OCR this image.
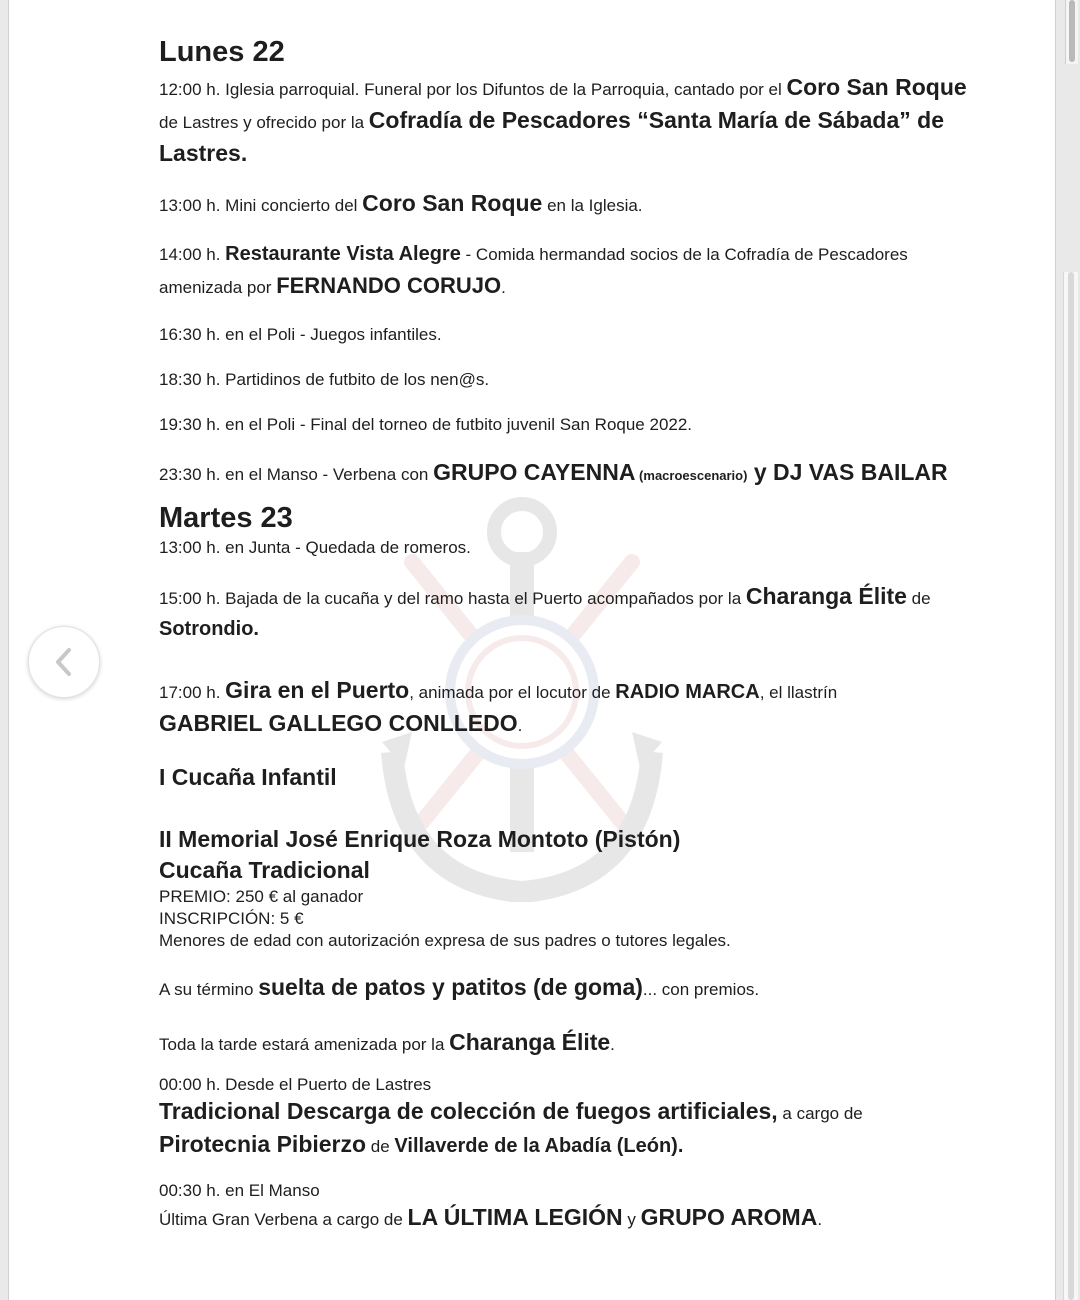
Lunes 22

12:00 h. Iglesia parroquial. Funeral por los Difuntos de la Parroquia, cantado por el Coro San Roque de Lastres y ofrecido por la Cofradía de Pescadores “Santa María de Sábada” de Lastres.

13:00 h. Mini concierto del Coro San Roque en la Iglesia.

14:00 h. Restaurante Vista Alegre - Comida hermandad socios de la Cofradía de Pescadores amenizada por FERNANDO CORUJO.

16:30 h. en el Poli - Juegos infantiles.

18:30 h. Partidinos de futbito de los nen@s.

19:30 h. en el Poli - Final del torneo de futbito juvenil San Roque 2022.

23:30 h. en el Manso - Verbena con GRUPO CAYENNA (macroescenario) y DJ VAS BAILAR

Martes 23

13:00 h. en Junta - Quedada de romeros.

15:00 h. Bajada de la cucaña y del ramo hasta el Puerto acompañados por la Charanga Élite de
Sotrondio.

17:00 h. Gira en el Puerto, animada por el locutor de RADIO MARCA, el llastrín
GABRIEL GALLEGO CONLLEDO.

I Cucaña Infantil

II Memorial José Enrique Roza Montoto (Pistón)

Cucaña Tradicional

PREMIO: 250 € al ganador

INSCRIPCIÓN: 5 €

Menores de edad con autorización expresa de sus padres o tutores legales.

A su término suelta de patos y patitos (de goma)... con premios.

Toda la tarde estará amenizada por la Charanga Élite.

00:00 h. Desde el Puerto de Lastres

Tradicional Descarga de colección de fuegos artificiales, a cargo de
Pirotecnia Pibierzo de Villaverde de la Abadía (León).

00:30 h. en El Manso

Última Gran Verbena a cargo de LA ÚLTIMA LEGIÓN y GRUPO AROMA.
